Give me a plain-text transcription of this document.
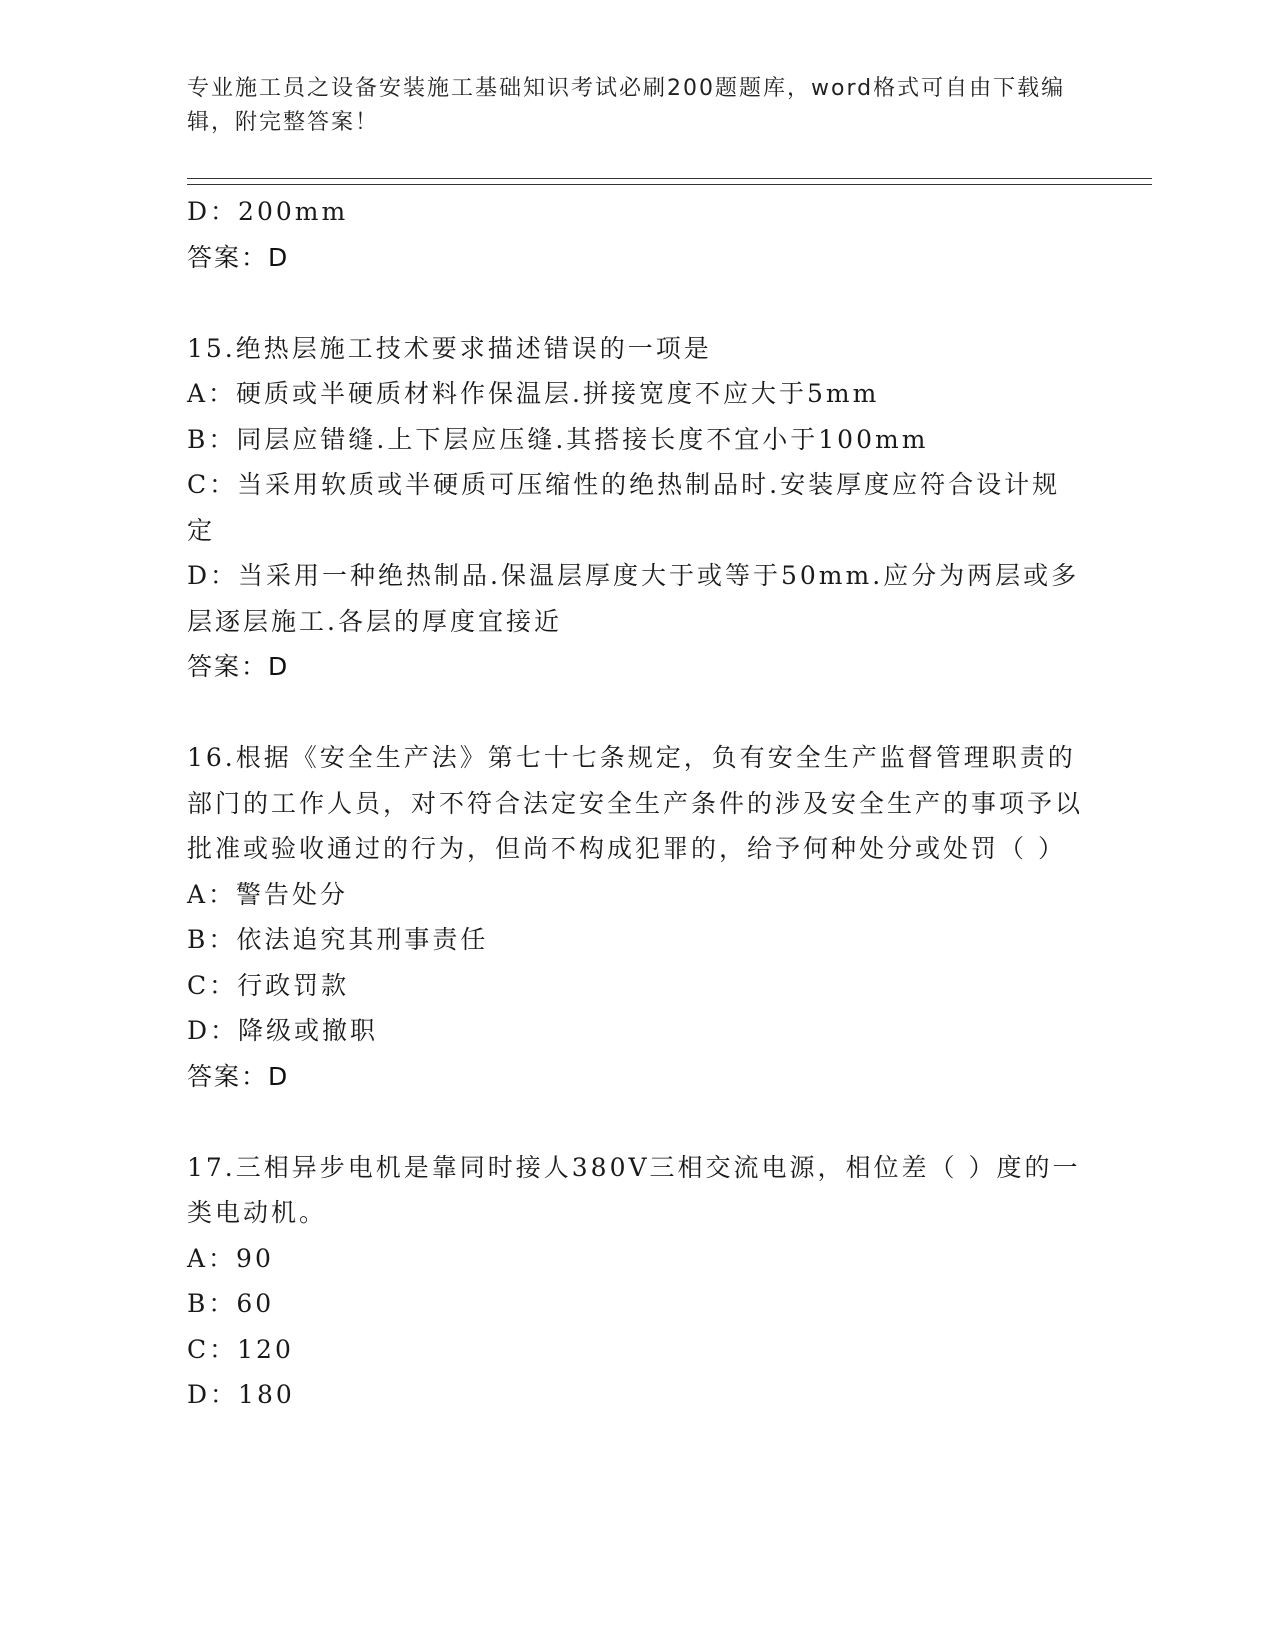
专业施工员之设备安装施工基础知识考试必刷200题题库，word格式可自由下载编辑，附完整答案！
D：200mm
答案：D
15.绝热层施工技术要求描述错误的一项是
A：硬质或半硬质材料作保温层.拼接宽度不应大于5mm
B：同层应错缝.上下层应压缝.其搭接长度不宜小于100mm
C：当采用软质或半硬质可压缩性的绝热制品时.安装厚度应符合设计规定
D：当采用一种绝热制品.保温层厚度大于或等于50mm.应分为两层或多层逐层施工.各层的厚度宜接近
答案：D
16.根据《安全生产法》第七十七条规定，负有安全生产监督管理职责的部门的工作人员，对不符合法定安全生产条件的涉及安全生产的事项予以批准或验收通过的行为，但尚不构成犯罪的，给予何种处分或处罚（ ）
A：警告处分
B：依法追究其刑事责任
C：行政罚款
D：降级或撤职
答案：D
17.三相异步电机是靠同时接人380V三相交流电源，相位差（ ）度的一类电动机。
A：90
B：60
C：120
D：180
